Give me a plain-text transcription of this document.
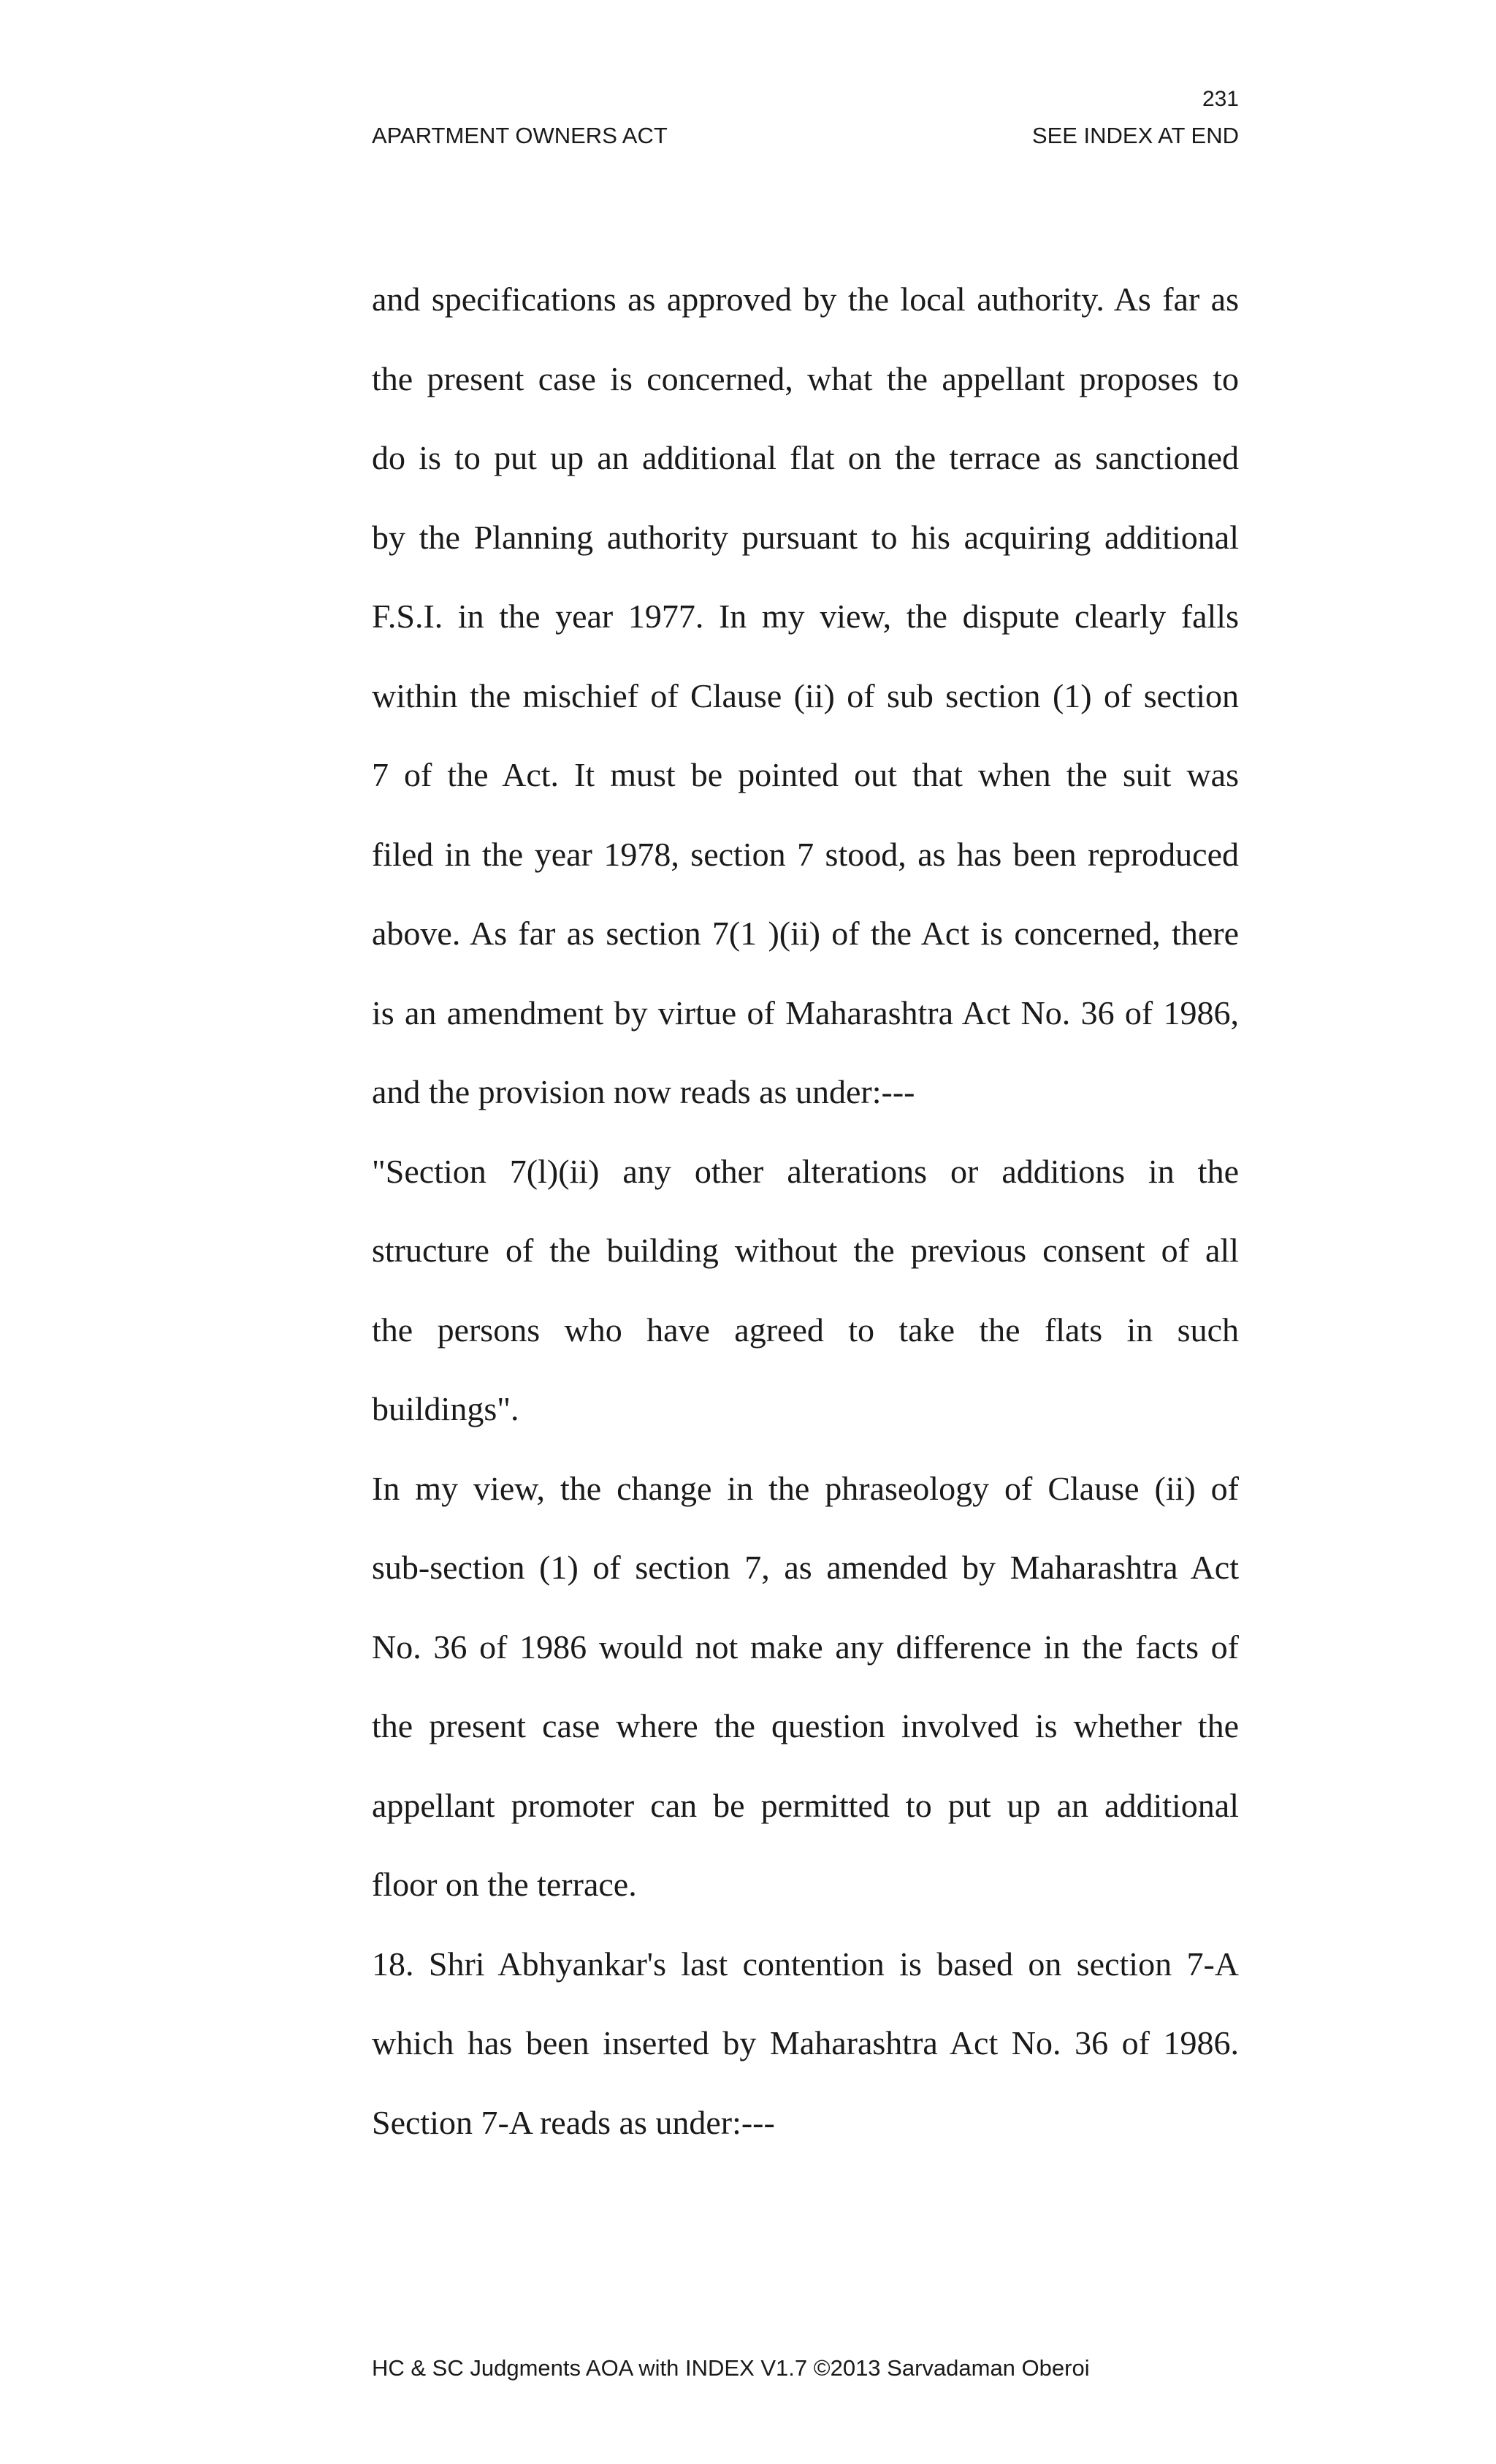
231
APARTMENT OWNERS ACT	SEE INDEX AT END

and specifications as approved by the local authority. As far as
the present case is concerned, what the appellant proposes to
do is to put up an additional flat on the terrace as sanctioned
by the Planning authority pursuant to his acquiring additional
F.S.I. in the year 1977. In my view, the dispute clearly falls
within the mischief of Clause (ii) of sub section (1) of section
7 of the Act. It must be pointed out that when the suit was
filed in the year 1978, section 7 stood, as has been reproduced
above. As far as section 7(1 )(ii) of the Act is concerned, there
is an amendment by virtue of Maharashtra Act No. 36 of 1986,
and the provision now reads as under:---

"Section 7(l)(ii) any other alterations or additions in the
structure of the building without the previous consent of all
the persons who have agreed to take the flats in such
buildings".

In my view, the change in the phraseology of Clause (ii) of
sub-section (1) of section 7, as amended by Maharashtra Act
No. 36 of 1986 would not make any difference in the facts of
the present case where the question involved is whether the
appellant promoter can be permitted to put up an additional
floor on the terrace.

18. Shri Abhyankar's last contention is based on section 7-A
which has been inserted by Maharashtra Act No. 36 of 1986.
Section 7-A reads as under:---

HC & SC Judgments AOA with INDEX V1.7 ©2013 Sarvadaman Oberoi
